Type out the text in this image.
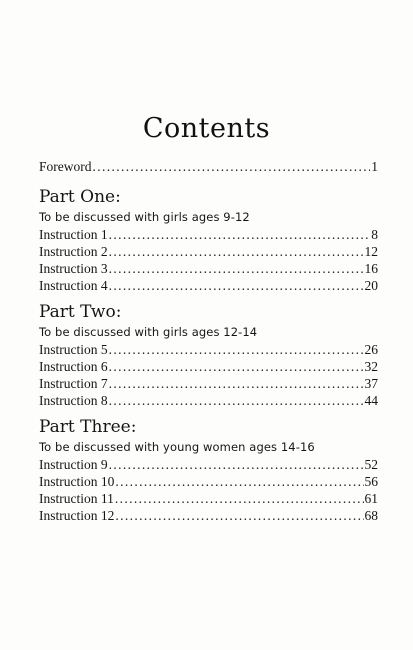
Contents
Foreword . . .	1
Part One:
To be discussed with girls ages 9-12
Instruction 1 . . .	8
Instruction 2 . . .	12
Instruction 3 . . .	16
Instruction 4 . . .	20
Part Two:
To be discussed with girls ages 12-14
Instruction 5 . . .	26
Instruction 6 . . .	32
Instruction 7 . . .	37
Instruction 8 . . .	44
Part Three:
To be discussed with young women ages 14-16
Instruction 9 . . .	52
Instruction 10 . . .	56
Instruction 11 . . .	61
Instruction 12 . . .	68
